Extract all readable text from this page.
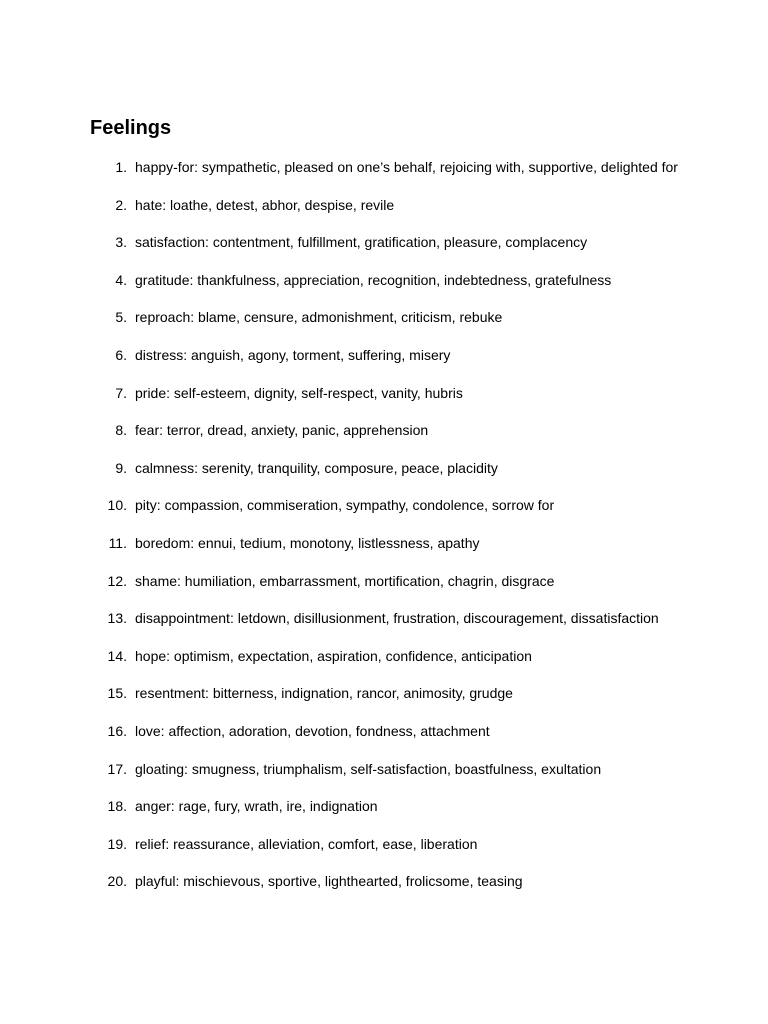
Feelings
1. happy-for: sympathetic, pleased on one’s behalf, rejoicing with, supportive, delighted for
2. hate: loathe, detest, abhor, despise, revile
3. satisfaction: contentment, fulfillment, gratification, pleasure, complacency
4. gratitude: thankfulness, appreciation, recognition, indebtedness, gratefulness
5. reproach: blame, censure, admonishment, criticism, rebuke
6. distress: anguish, agony, torment, suffering, misery
7. pride: self-esteem, dignity, self-respect, vanity, hubris
8. fear: terror, dread, anxiety, panic, apprehension
9. calmness: serenity, tranquility, composure, peace, placidity
10. pity: compassion, commiseration, sympathy, condolence, sorrow for
11. boredom: ennui, tedium, monotony, listlessness, apathy
12. shame: humiliation, embarrassment, mortification, chagrin, disgrace
13. disappointment: letdown, disillusionment, frustration, discouragement, dissatisfaction
14. hope: optimism, expectation, aspiration, confidence, anticipation
15. resentment: bitterness, indignation, rancor, animosity, grudge
16. love: affection, adoration, devotion, fondness, attachment
17. gloating: smugness, triumphalism, self-satisfaction, boastfulness, exultation
18. anger: rage, fury, wrath, ire, indignation
19. relief: reassurance, alleviation, comfort, ease, liberation
20. playful: mischievous, sportive, lighthearted, frolicsome, teasing
